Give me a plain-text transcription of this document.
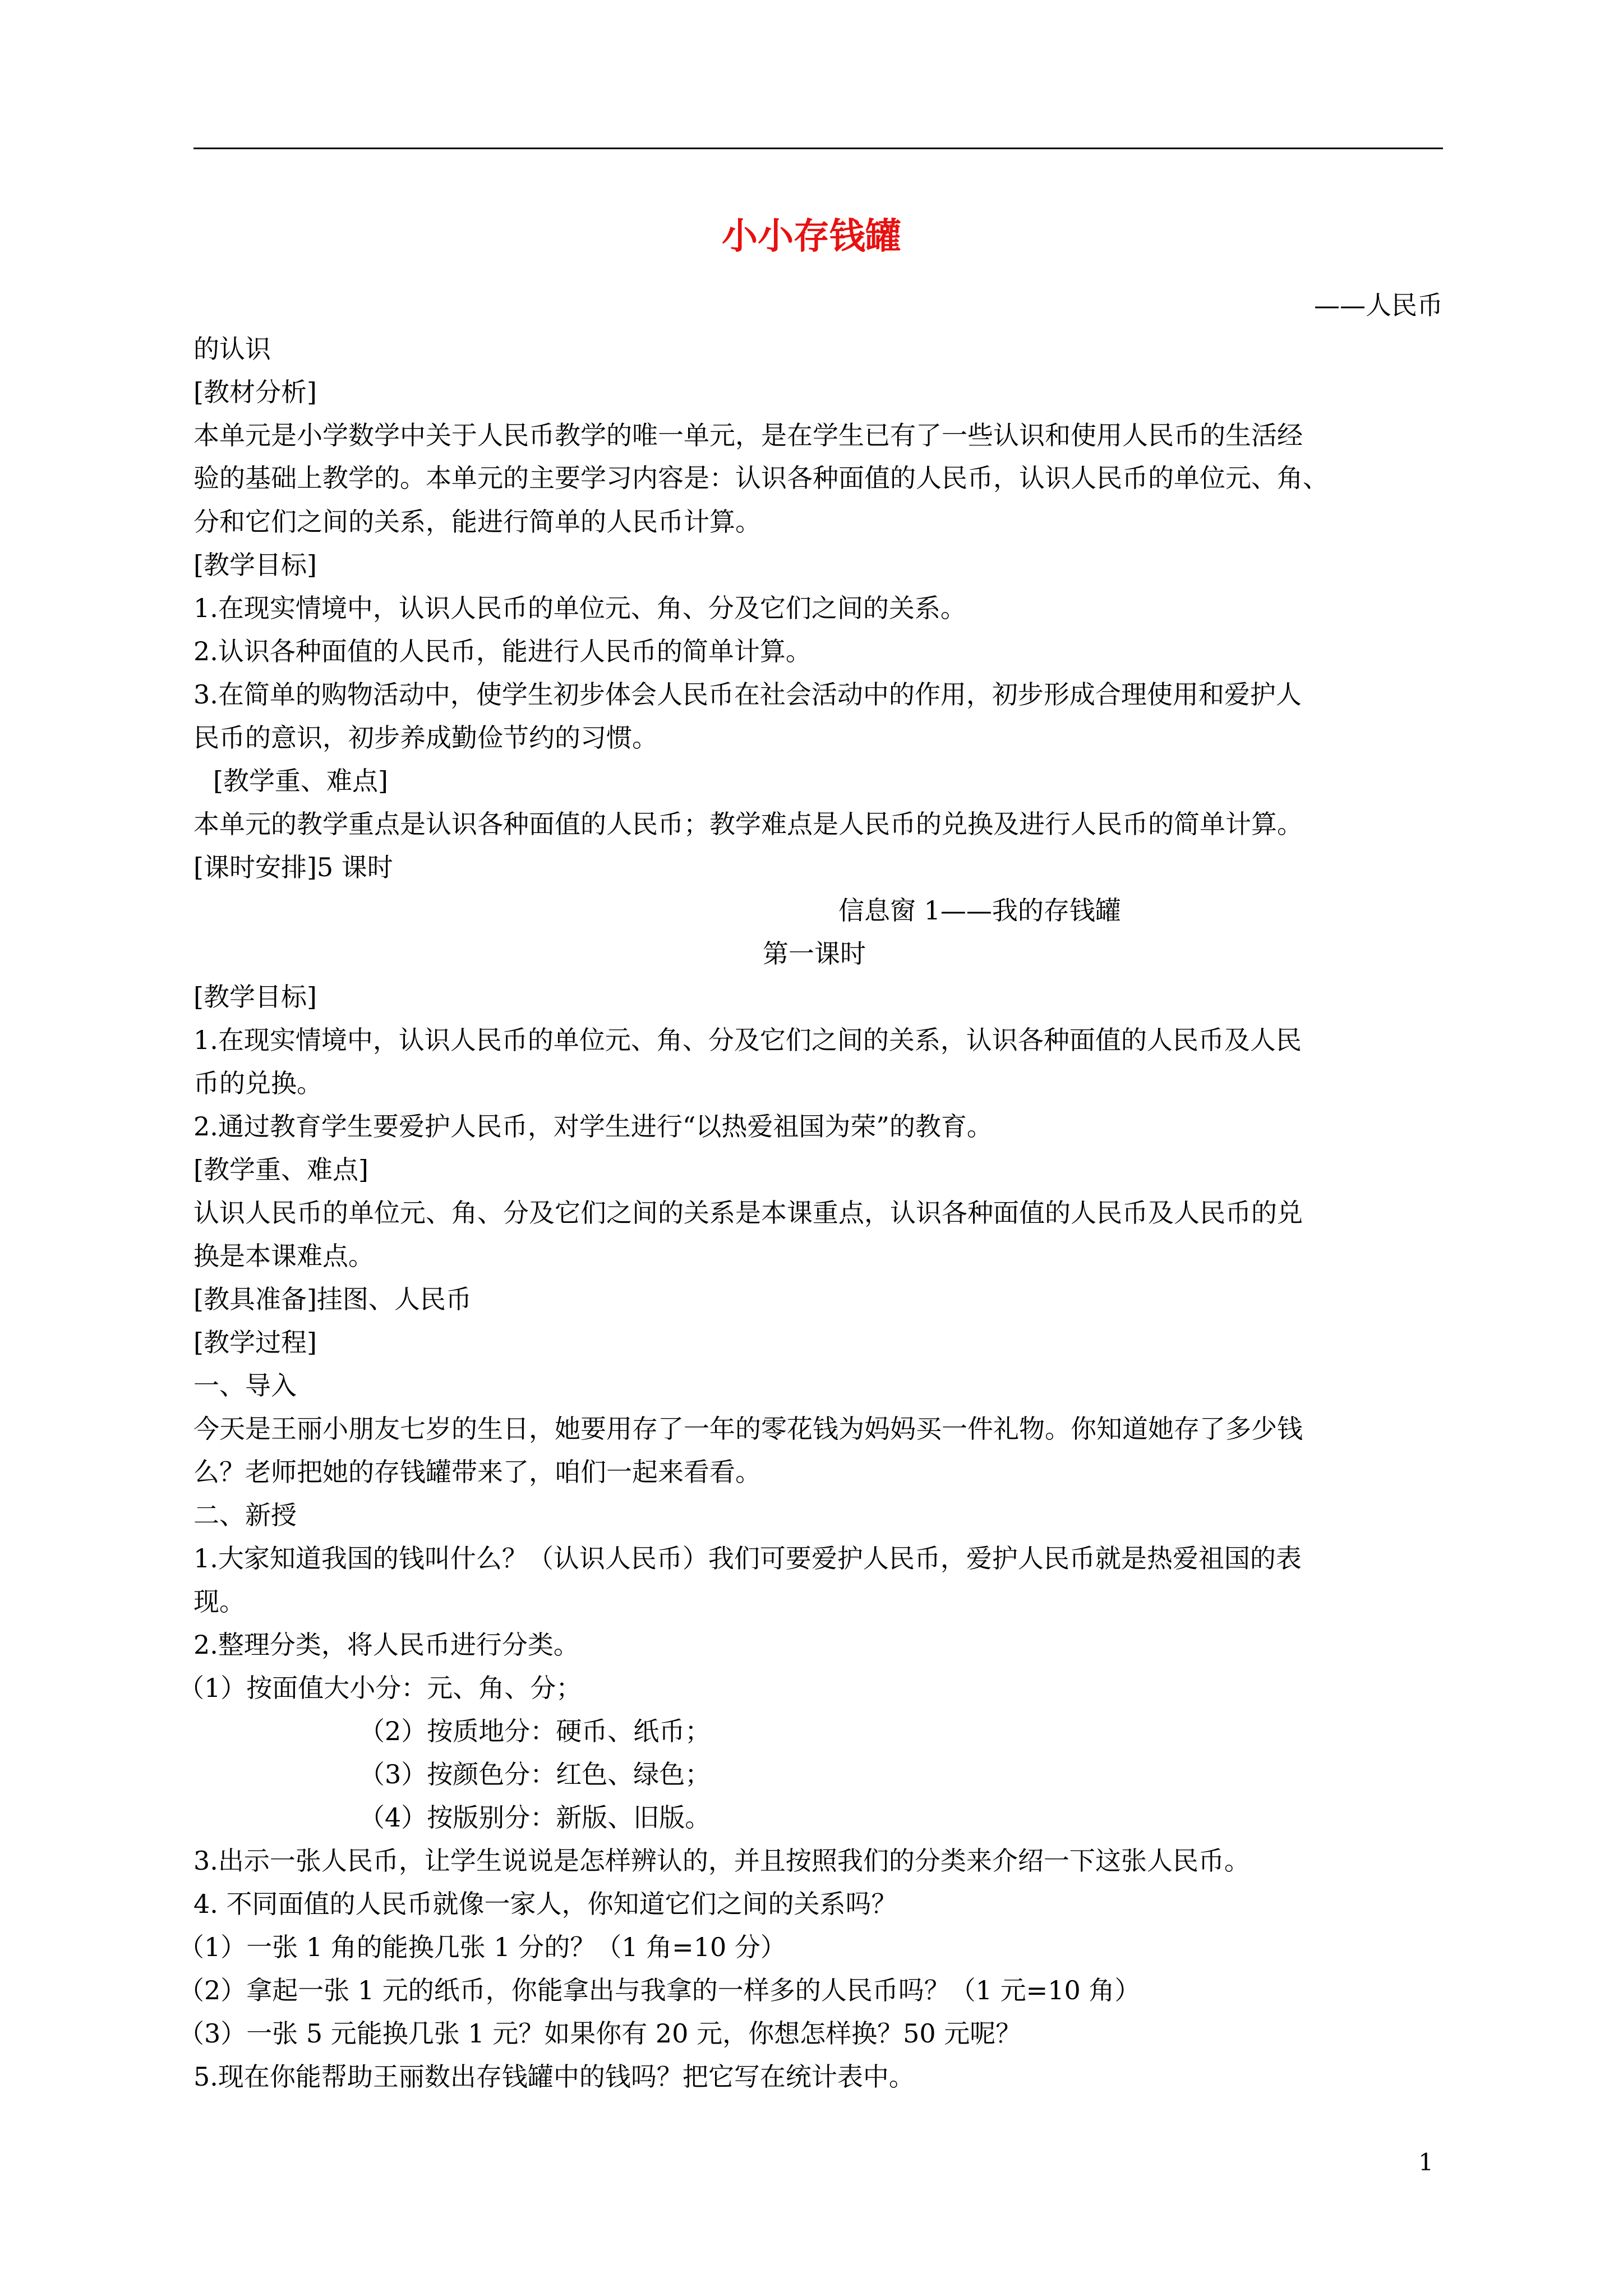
小小存钱罐
——人民币
的认识
[教材分析]
本单元是小学数学中关于人民币教学的唯一单元，是在学生已有了一些认识和使用人民币的生活经
验的基础上教学的。本单元的主要学习内容是：认识各种面值的人民币，认识人民币的单位元、角、
分和它们之间的关系，能进行简单的人民币计算。
[教学目标]
1.在现实情境中，认识人民币的单位元、角、分及它们之间的关系。
2.认识各种面值的人民币，能进行人民币的简单计算。
3.在简单的购物活动中，使学生初步体会人民币在社会活动中的作用，初步形成合理使用和爱护人
民币的意识，初步养成勤俭节约的习惯。
[教学重、难点]
本单元的教学重点是认识各种面值的人民币；教学难点是人民币的兑换及进行人民币的简单计算。
[课时安排]5 课时
信息窗 1——我的存钱罐
第一课时
[教学目标]
1.在现实情境中，认识人民币的单位元、角、分及它们之间的关系，认识各种面值的人民币及人民
币的兑换。
2.通过教育学生要爱护人民币，对学生进行“以热爱祖国为荣”的教育。
[教学重、难点]
认识人民币的单位元、角、分及它们之间的关系是本课重点，认识各种面值的人民币及人民币的兑
换是本课难点。
[教具准备]挂图、人民币
[教学过程]
一、导入
今天是王丽小朋友七岁的生日，她要用存了一年的零花钱为妈妈买一件礼物。你知道她存了多少钱
么？老师把她的存钱罐带来了，咱们一起来看看。
二、新授
1.大家知道我国的钱叫什么？（认识人民币）我们可要爱护人民币，爱护人民币就是热爱祖国的表
现。
2.整理分类，将人民币进行分类。
（1）按面值大小分：元、角、分；
（2）按质地分：硬币、纸币；
（3）按颜色分：红色、绿色；
（4）按版别分：新版、旧版。
3.出示一张人民币，让学生说说是怎样辨认的，并且按照我们的分类来介绍一下这张人民币。
4. 不同面值的人民币就像一家人，你知道它们之间的关系吗？
（1）一张 1 角的能换几张 1 分的？（1 角=10 分）
（2）拿起一张 1 元的纸币，你能拿出与我拿的一样多的人民币吗？（1 元=10 角）
（3）一张 5 元能换几张 1 元？如果你有 20 元，你想怎样换？50 元呢？
5.现在你能帮助王丽数出存钱罐中的钱吗？把它写在统计表中。
1
